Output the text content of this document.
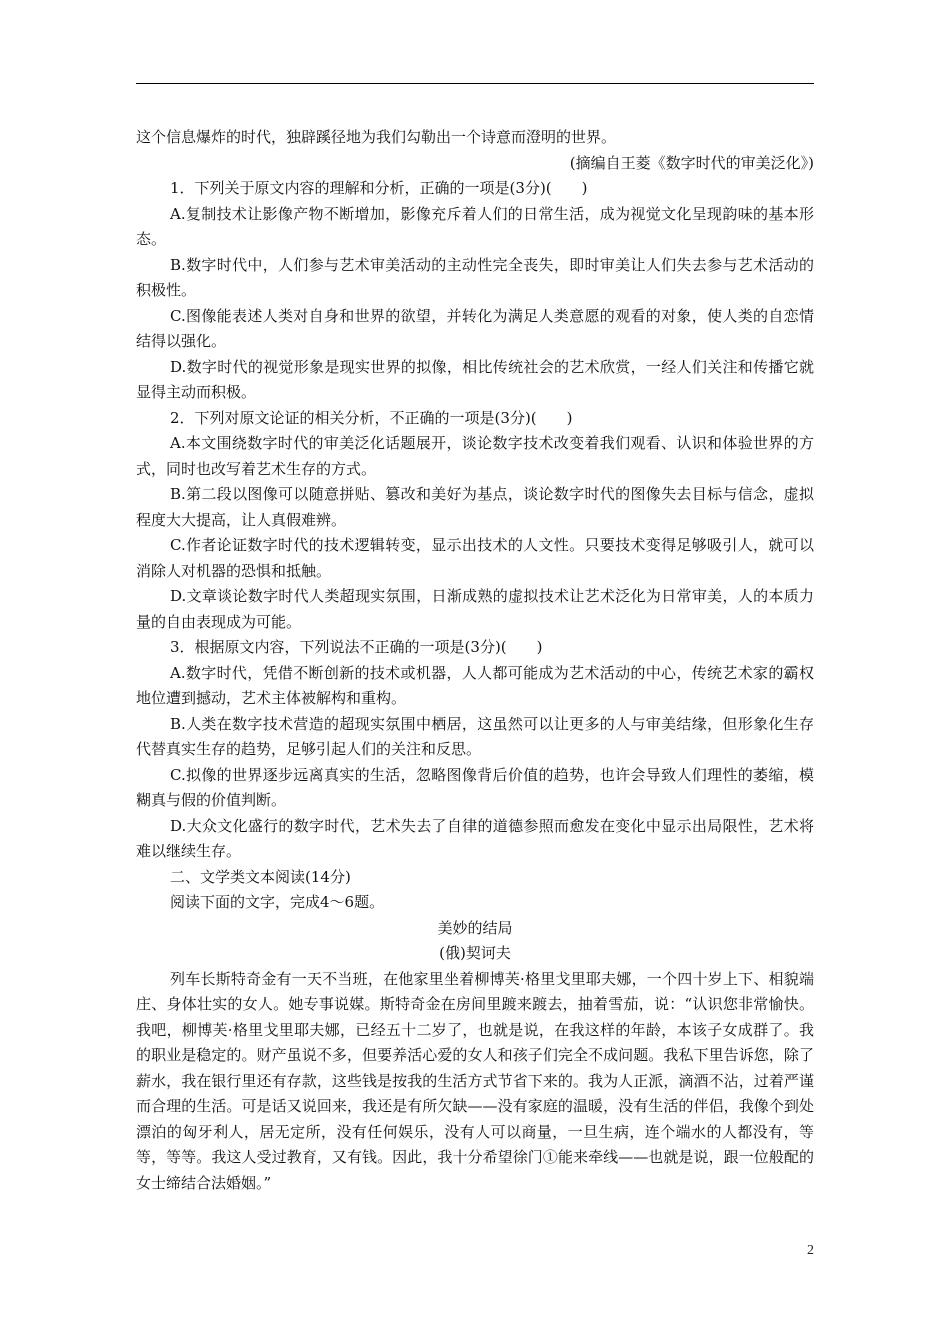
这个信息爆炸的时代，独辟蹊径地为我们勾勒出一个诗意而澄明的世界。

(摘编自王菱《数字时代的审美泛化》)

1．下列关于原文内容的理解和分析，正确的一项是(3分)(　　)

A.复制技术让影像产物不断增加，影像充斥着人们的日常生活，成为视觉文化呈现韵味的基本形态。

B.数字时代中，人们参与艺术审美活动的主动性完全丧失，即时审美让人们失去参与艺术活动的积极性。

C.图像能表述人类对自身和世界的欲望，并转化为满足人类意愿的观看的对象，使人类的自恋情结得以强化。

D.数字时代的视觉形象是现实世界的拟像，相比传统社会的艺术欣赏，一经人们关注和传播它就显得主动而积极。

2．下列对原文论证的相关分析，不正确的一项是(3分)(　　)

A.本文围绕数字时代的审美泛化话题展开，谈论数字技术改变着我们观看、认识和体验世界的方式，同时也改写着艺术生存的方式。

B.第二段以图像可以随意拼贴、篡改和美好为基点，谈论数字时代的图像失去目标与信念，虚拟程度大大提高，让人真假难辨。

C.作者论证数字时代的技术逻辑转变，显示出技术的人文性。只要技术变得足够吸引人，就可以消除人对机器的恐惧和抵触。

D.文章谈论数字时代人类超现实氛围，日渐成熟的虚拟技术让艺术泛化为日常审美，人的本质力量的自由表现成为可能。

3．根据原文内容，下列说法不正确的一项是(3分)(　　)

A.数字时代，凭借不断创新的技术或机器，人人都可能成为艺术活动的中心，传统艺术家的霸权地位遭到撼动，艺术主体被解构和重构。

B.人类在数字技术营造的超现实氛围中栖居，这虽然可以让更多的人与审美结缘，但形象化生存代替真实生存的趋势，足够引起人们的关注和反思。

C.拟像的世界逐步远离真实的生活，忽略图像背后价值的趋势，也许会导致人们理性的萎缩，模糊真与假的价值判断。

D.大众文化盛行的数字时代，艺术失去了自律的道德参照而愈发在变化中显示出局限性，艺术将难以继续生存。

二、文学类文本阅读(14分)

阅读下面的文字，完成4～6题。

美妙的结局

(俄)契诃夫

列车长斯特奇金有一天不当班，在他家里坐着柳博芙·格里戈里耶夫娜，一个四十岁上下、相貌端庄、身体壮实的女人。她专事说媒。斯特奇金在房间里踱来踱去，抽着雪茄，说：“认识您非常愉快。我吧，柳博芙·格里戈里耶夫娜，已经五十二岁了，也就是说，在我这样的年龄，本该子女成群了。我的职业是稳定的。财产虽说不多，但要养活心爱的女人和孩子们完全不成问题。我私下里告诉您，除了薪水，我在银行里还有存款，这些钱是按我的生活方式节省下来的。我为人正派，滴酒不沾，过着严谨而合理的生活。可是话又说回来，我还是有所欠缺——没有家庭的温暖，没有生活的伴侣，我像个到处漂泊的匈牙利人，居无定所，没有任何娱乐，没有人可以商量，一旦生病，连个端水的人都没有，等等，等等。我这人受过教育，又有钱。因此，我十分希望徐门①能来牵线——也就是说，跟一位般配的女士缔结合法婚姻。”

2
